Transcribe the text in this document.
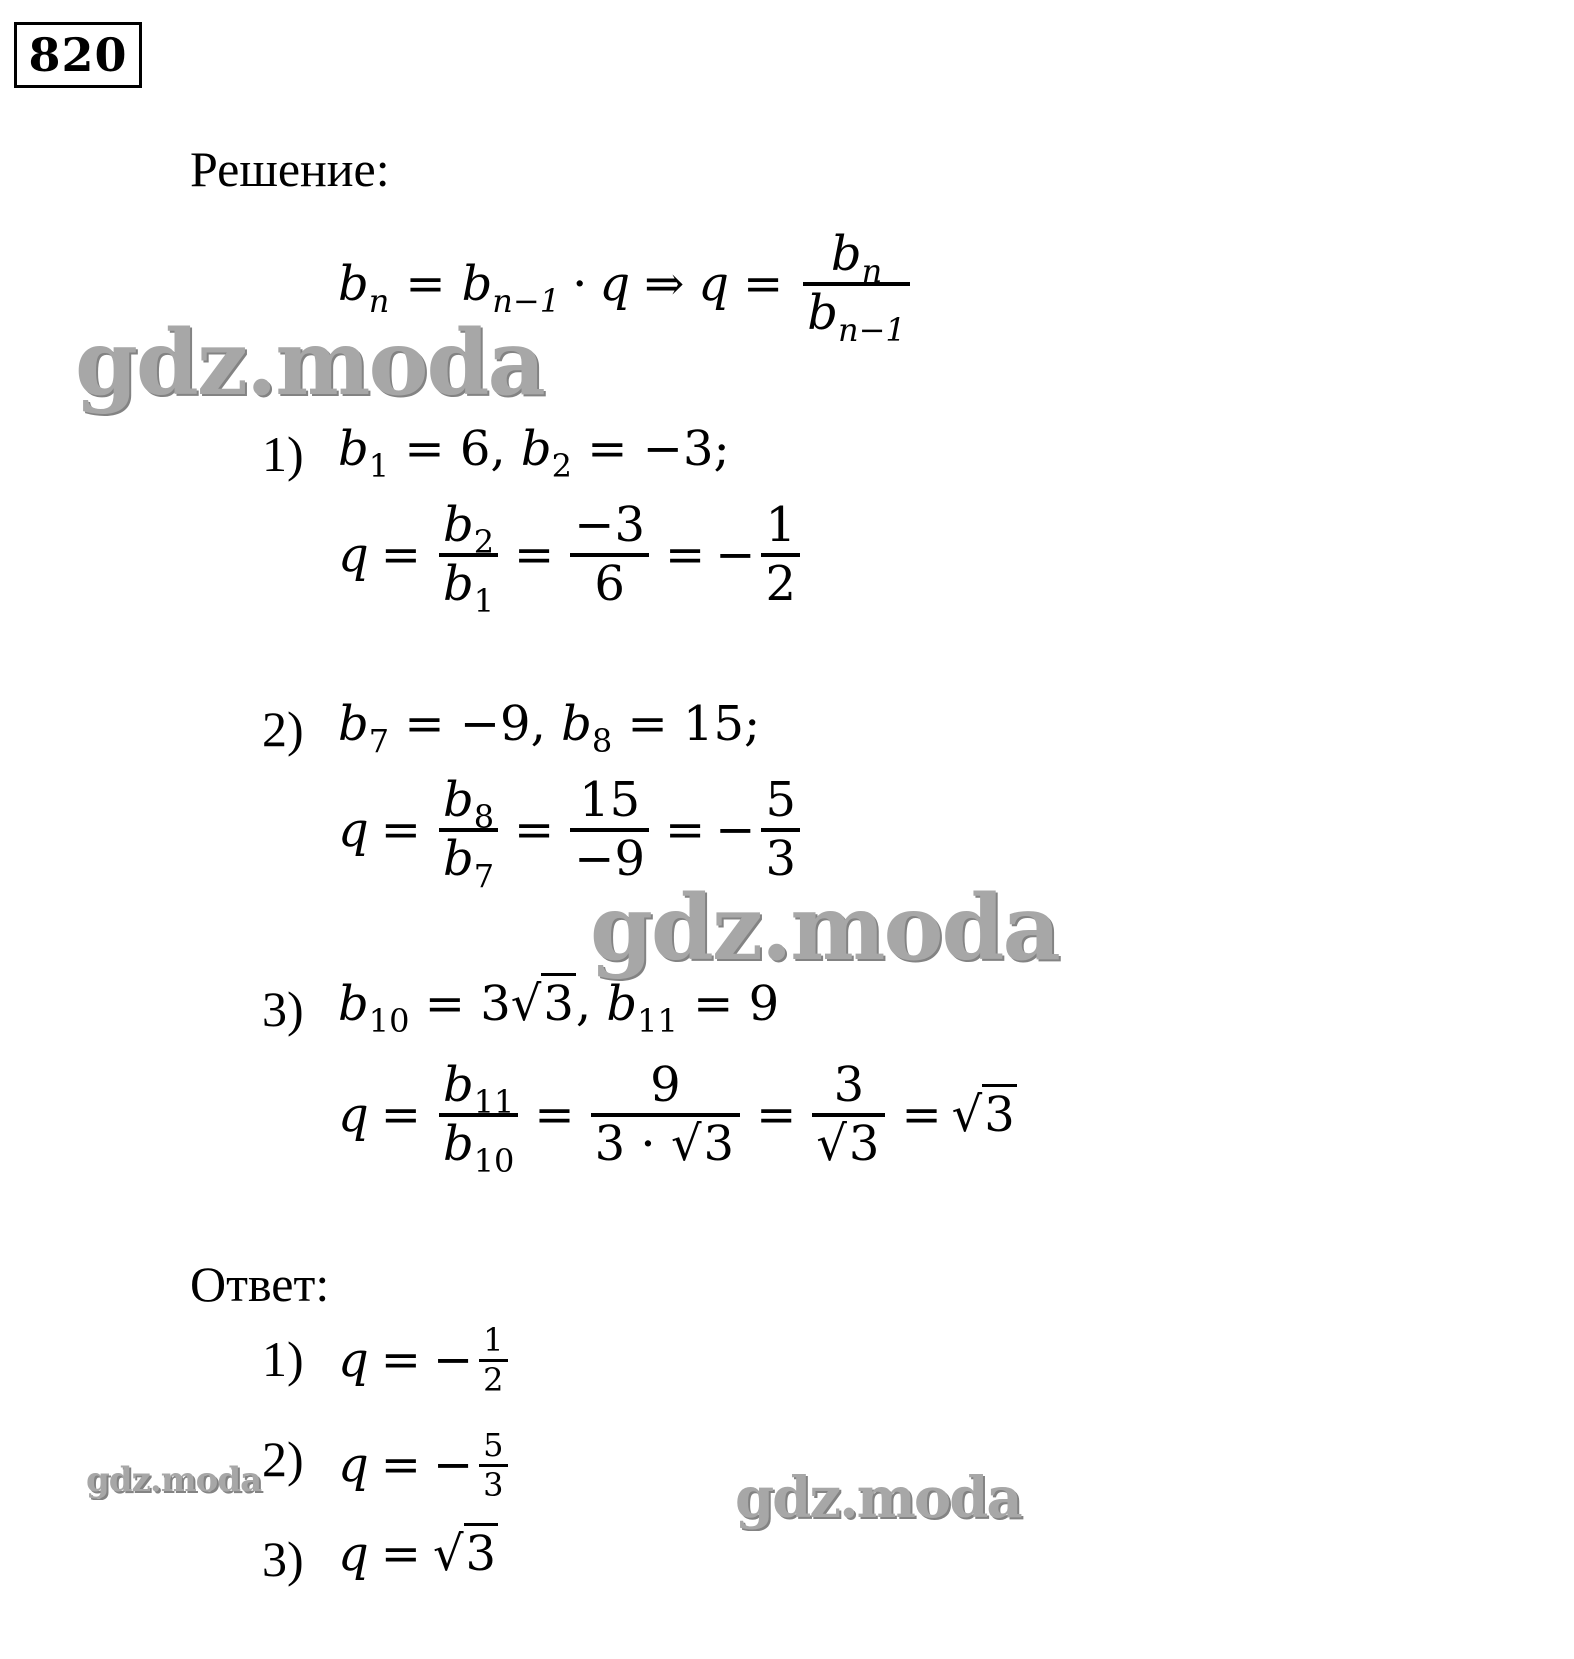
820
Решение:
$b_n = b_{n-1} \cdot q$ ⇒ $q = \frac{b_n}{b_{n-1}}$
1) $b_1 = 6$, $b_2 = -3$;
$q = \frac{b_2}{b_1} = \frac{-3}{6}$ = − $\frac{1}{2}$
2) $b_7 = -9$, $b_8 = 15$;
$q = \frac{b_8}{b_7} = \frac{15}{-9}$ = − $\frac{5}{3}$
3) $b_{10} = 3√3$, $b_{11} = 9$
$q = \frac{b_{11}}{b_{10}} = \frac{9}{3 \cdot √3} = \frac{3}{√3} = √3$
Ответ:
1) q = − $\frac{1}{2}$
2) q = − $\frac{5}{3}$
3) q = √3
gdz.moda
gdz.moda
gdz.moda	gdz.moda
